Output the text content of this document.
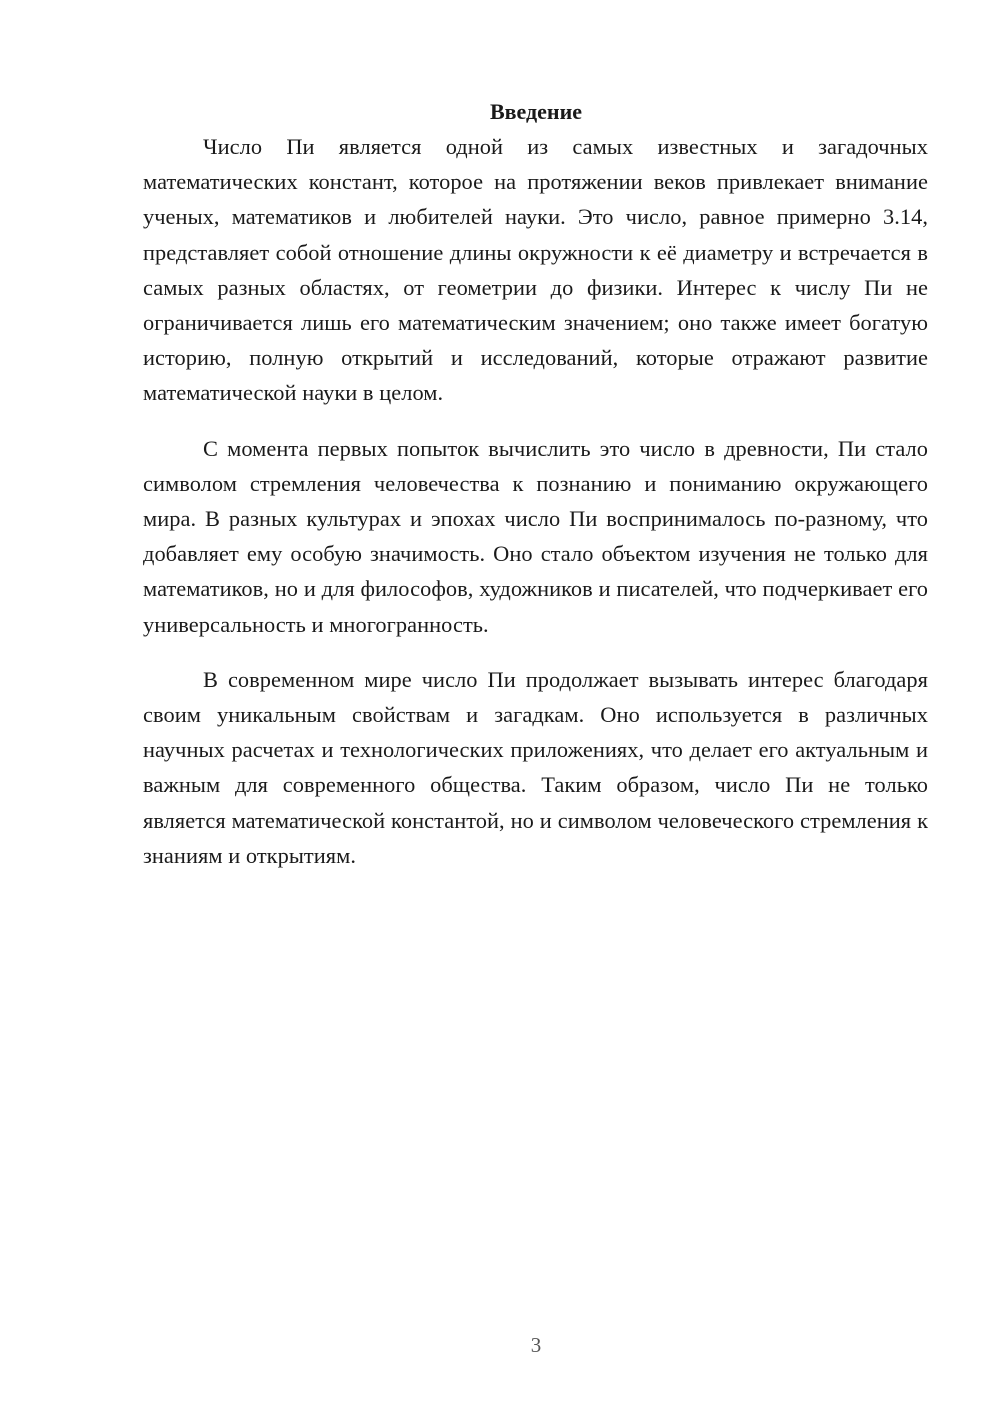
Введение

Число Пи является одной из самых известных и загадочных математических констант, которое на протяжении веков привлекает внимание ученых, математиков и любителей науки. Это число, равное примерно 3.14, представляет собой отношение длины окружности к её диаметру и встречается в самых разных областях, от геометрии до физики. Интерес к числу Пи не ограничивается лишь его математическим значением; оно также имеет богатую историю, полную открытий и исследований, которые отражают развитие математической науки в целом.

С момента первых попыток вычислить это число в древности, Пи стало символом стремления человечества к познанию и пониманию окружающего мира. В разных культурах и эпохах число Пи воспринималось по-разному, что добавляет ему особую значимость. Оно стало объектом изучения не только для математиков, но и для философов, художников и писателей, что подчеркивает его универсальность и многогранность.

В современном мире число Пи продолжает вызывать интерес благодаря своим уникальным свойствам и загадкам. Оно используется в различных научных расчетах и технологических приложениях, что делает его актуальным и важным для современного общества. Таким образом, число Пи не только является математической константой, но и символом человеческого стремления к знаниям и открытиям.

3
